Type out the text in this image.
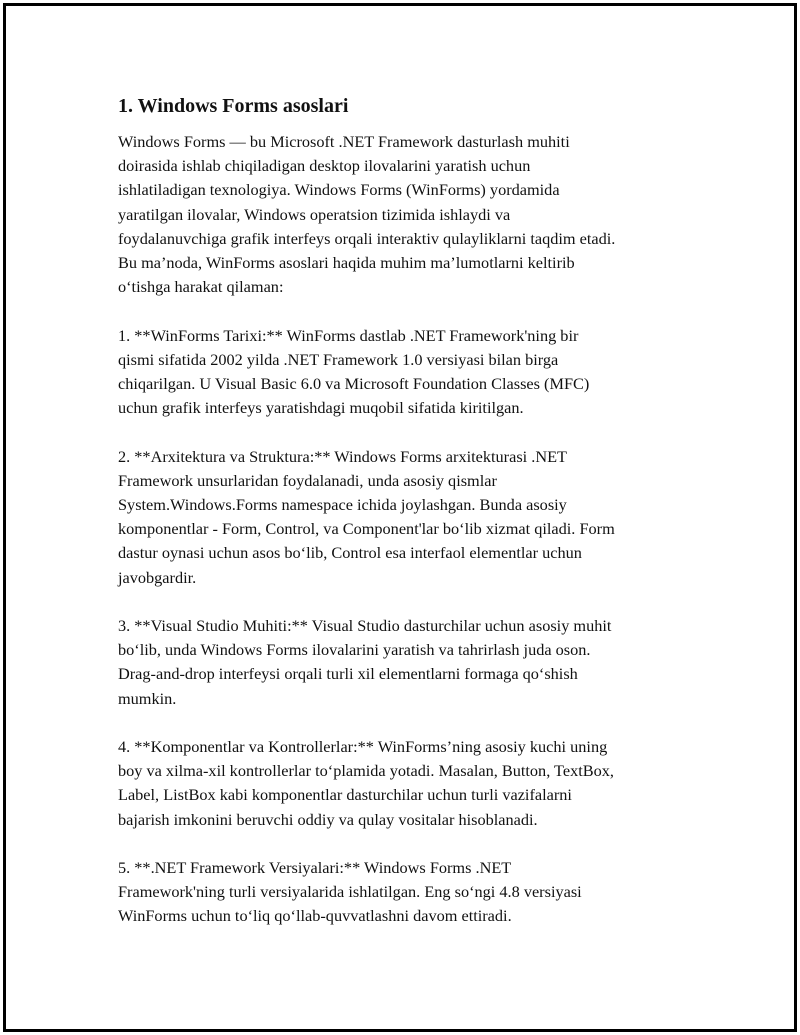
1. Windows Forms asoslari

Windows Forms — bu Microsoft .NET Framework dasturlash muhiti
doirasida ishlab chiqiladigan desktop ilovalarini yaratish uchun
ishlatiladigan texnologiya. Windows Forms (WinForms) yordamida
yaratilgan ilovalar, Windows operatsion tizimida ishlaydi va
foydalanuvchiga grafik interfeys orqali interaktiv qulayliklarni taqdim etadi.
Bu ma’noda, WinForms asoslari haqida muhim ma’lumotlarni keltirib
o‘tishga harakat qilaman:

1. **WinForms Tarixi:** WinForms dastlab .NET Framework'ning bir
qismi sifatida 2002 yilda .NET Framework 1.0 versiyasi bilan birga
chiqarilgan. U Visual Basic 6.0 va Microsoft Foundation Classes (MFC)
uchun grafik interfeys yaratishdagi muqobil sifatida kiritilgan.

2. **Arxitektura va Struktura:** Windows Forms arxitekturasi .NET
Framework unsurlaridan foydalanadi, unda asosiy qismlar
System.Windows.Forms namespace ichida joylashgan. Bunda asosiy
komponentlar - Form, Control, va Component'lar bo‘lib xizmat qiladi. Form
dastur oynasi uchun asos bo‘lib, Control esa interfaol elementlar uchun
javobgardir.

3. **Visual Studio Muhiti:** Visual Studio dasturchilar uchun asosiy muhit
bo‘lib, unda Windows Forms ilovalarini yaratish va tahrirlash juda oson.
Drag-and-drop interfeysi orqali turli xil elementlarni formaga qo‘shish
mumkin.

4. **Komponentlar va Kontrollerlar:** WinForms’ning asosiy kuchi uning
boy va xilma-xil kontrollerlar to‘plamida yotadi. Masalan, Button, TextBox,
Label, ListBox kabi komponentlar dasturchilar uchun turli vazifalarni
bajarish imkonini beruvchi oddiy va qulay vositalar hisoblanadi.

5. **.NET Framework Versiyalari:** Windows Forms .NET
Framework'ning turli versiyalarida ishlatilgan. Eng so‘ngi 4.8 versiyasi
WinForms uchun to‘liq qo‘llab-quvvatlashni davom ettiradi.
